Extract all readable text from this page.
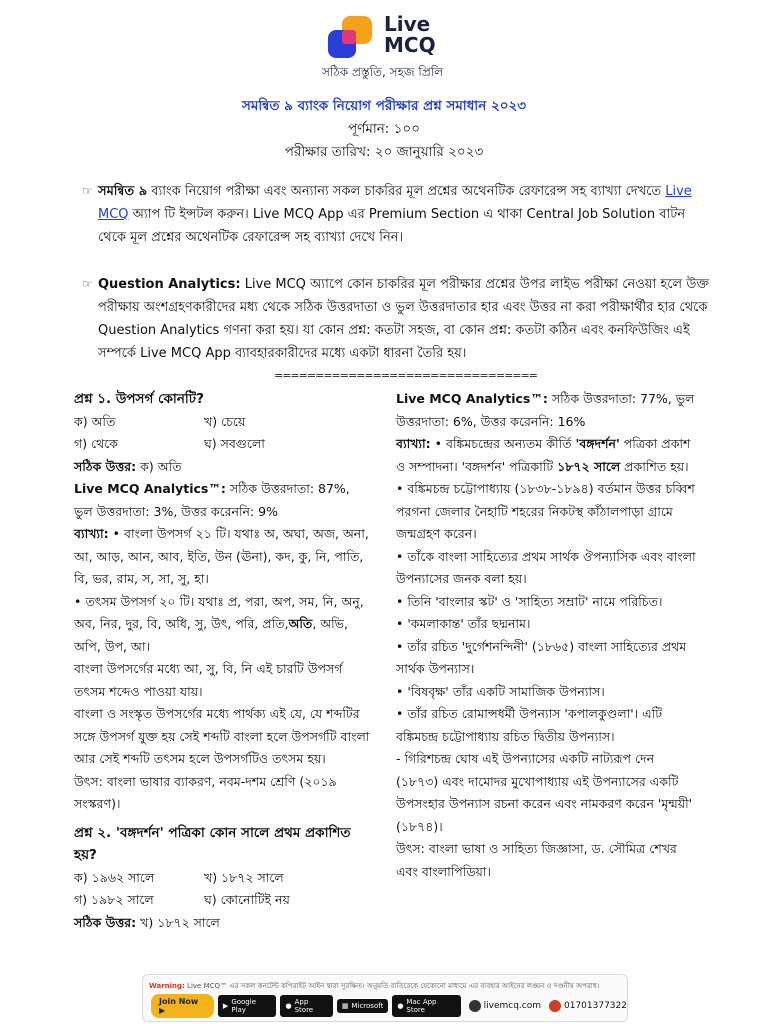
Live
MCQ
সঠিক প্রস্তুতি, সহজ প্রিলি
সমন্বিত ৯ ব্যাংক নিয়োগ পরীক্ষার প্রশ্ন সমাধান ২০২৩
পূর্ণমান: ১০০
পরীক্ষার তারিখ: ২০ জানুয়ারি ২০২৩
☞ সমন্বিত ৯ ব্যাংক নিয়োগ পরীক্ষা এবং অন্যান্য সকল চাকরির মূল প্রশ্নের অথেনটিক রেফারেন্স সহ ব্যাখ্যা দেখতে Live MCQ অ্যাপ টি ইন্সটল করুন। Live MCQ App এর Premium Section এ থাকা Central Job Solution বাটন থেকে মূল প্রশ্নের অথেনটিক রেফারেন্স সহ ব্যাখ্যা দেখে নিন।
☞ Question Analytics: Live MCQ অ্যাপে কোন চাকরির মূল পরীক্ষার প্রশ্নের উপর লাইভ পরীক্ষা নেওয়া হলে উক্ত পরীক্ষায় অংশগ্রহণকারীদের মধ্য থেকে সঠিক উত্তরদাতা ও ভুল উত্তরদাতার হার এবং উত্তর না করা পরীক্ষার্থীর হার থেকে Question Analytics গণনা করা হয়। যা কোন প্রশ্ন: কতটা সহজ, বা কোন প্রশ্ন: কতটা কঠিন এবং কনফিউজিং এই সম্পর্কে Live MCQ App ব্যাবহারকারীদের মধ্যে একটা ধারনা তৈরি হয়।
================================

প্রশ্ন ১. উপসর্গ কোনটি?

ক) অতি	খ) চেয়ে
গ) থেকে	ঘ) সবগুলো

সঠিক উত্তর: ক) অতি

Live MCQ Analytics™: সঠিক উত্তরদাতা: 87%, ভুল উত্তরদাতা: 3%, উত্তর করেননি: 9%

ব্যাখ্যা: • বাংলা উপসর্গ ২১ টি। যথাঃ অ, অঘা, অজ, অনা, আ, আড়, আন, আব, ইতি, উন (ঊনা), কদ, কু, নি, পাতি, বি, ভর, রাম, স, সা, সু, হা।

• তৎসম উপসর্গ ২০ টি। যথাঃ প্র, পরা, অপ, সম, নি, অনু, অব, নির, দুর, বি, অধি, সু, উৎ, পরি, প্রতি,অতি, অভি, অপি, উপ, আ।

বাংলা উপসর্গের মধ্যে আ, সু, বি, নি এই চারটি উপসর্গ তৎসম শব্দেও পাওয়া যায়।

বাংলা ও সংস্কৃত উপসর্গের মধ্যে পার্থক্য এই যে, যে শব্দটির সঙ্গে উপসর্গ যুক্ত হয় সেই শব্দটি বাংলা হলে উপসর্গটি বাংলা আর সেই শব্দটি তৎসম হলে উপসর্গটিও তৎসম হয়।

উৎস: বাংলা ভাষার ব্যাকরণ, নবম-দশম শ্রেণি (২০১৯ সংস্করণ)।

প্রশ্ন ২. 'বঙ্গদর্শন' পত্রিকা কোন সালে প্রথম প্রকাশিত হয়?

ক) ১৯৬২ সালে	খ) ১৮৭২ সালে
গ) ১৯৮২ সালে	ঘ) কোনোটিই নয়

সঠিক উত্তর: খ) ১৮৭২ সালে

Live MCQ Analytics™: সঠিক উত্তরদাতা: 77%, ভুল উত্তরদাতা: 6%, উত্তর করেননি: 16%

ব্যাখ্যা: • বঙ্কিমচন্দ্রের অন্যতম কীর্তি 'বঙ্গদর্শন' পত্রিকা প্রকাশ ও সম্পাদনা। 'বঙ্গদর্শন' পত্রিকাটি ১৮৭২ সালে প্রকাশিত হয়।

• বঙ্কিমচন্দ্র চট্টোপাধ্যায় (১৮৩৮-১৮৯৪) বর্তমান উত্তর চব্বিশ পরগনা জেলার নৈহাটি শহরের নিকটস্থ কাঁঠালপাড়া গ্রামে জন্মগ্রহণ করেন।

• তাঁকে বাংলা সাহিত্যের প্রথম সার্থক ঔপন্যাসিক এবং বাংলা উপন্যাসের জনক বলা হয়।

• তিনি 'বাংলার স্কট' ও 'সাহিত্য সম্রাট' নামে পরিচিত।

• 'কমলাকান্ত' তাঁর ছদ্মনাম।

• তাঁর রচিত 'দুর্গেশনন্দিনী' (১৮৬৫) বাংলা সাহিত্যের প্রথম সার্থক উপন্যাস।

• 'বিষবৃক্ষ' তাঁর একটি সামাজিক উপন্যাস।

• তাঁর রচিত রোমান্সধর্মী উপন্যাস 'কপালকুণ্ডলা'। এটি বঙ্কিমচন্দ্র চট্টোপাধ্যায় রচিত দ্বিতীয় উপন্যাস।

- গিরিশচন্দ্র ঘোষ এই উপন্যাসের একটি নাট্যরূপ দেন (১৮৭৩) এবং দামোদর মুখোপাধ্যায় এই উপন্যাসের একটি উপসংহার উপন্যাস রচনা করেন এবং নামকরণ করেন 'মৃন্ময়ী' (১৮৭৪)।

উৎস: বাংলা ভাষা ও সাহিত্য জিজ্ঞাসা, ড. সৌমিত্র শেখর এবং বাংলাপিডিয়া।

Warning: Live MCQ™ এর সকল কনটেন্ট কপিরাইট আইন দ্বারা সুরক্ষিত। অনুমতি ব্যতিরেকে যেকোনো মাধ্যমে এর ব্যবহার আইনের লঙ্ঘন ও দণ্ডনীয় অপরাধ।
Join Now ▶	▶ Google Play	● App Store	▦ Microsoft ● Mac App Store	livemcq.com	01701377322
